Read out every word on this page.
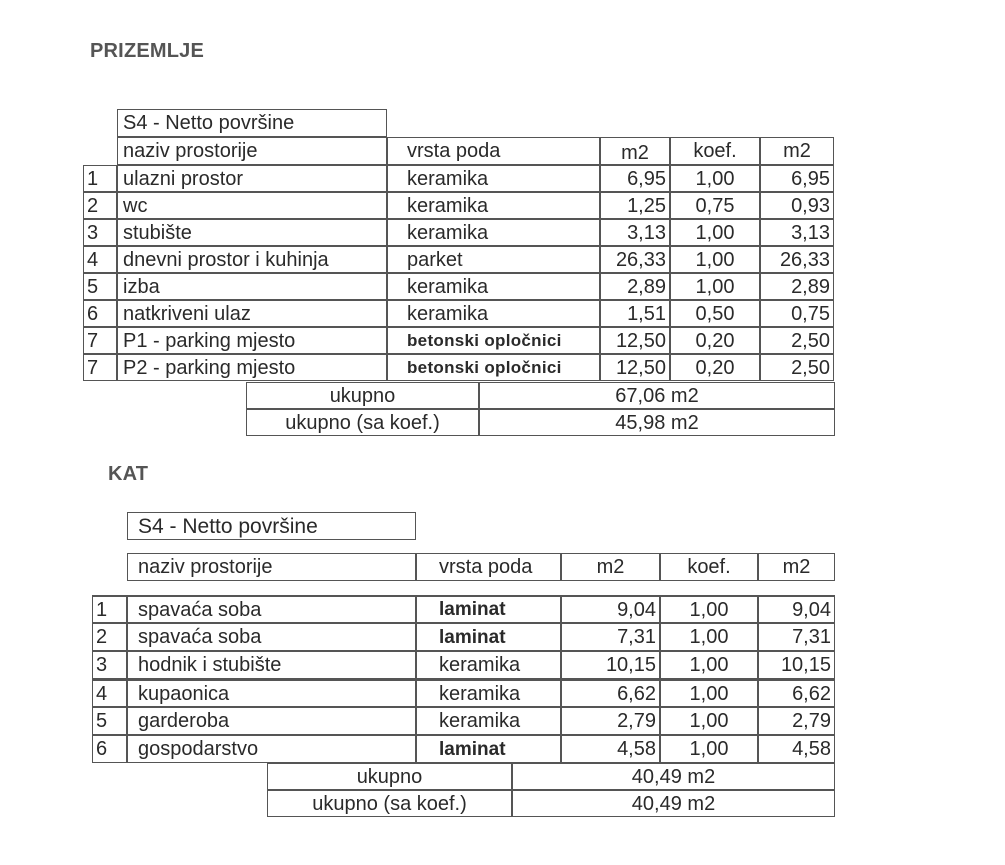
PRIZEMLJE
S4 - Netto površine
naziv prostorije	vrsta poda	m2	koef.	m2
1	ulazni prostor	keramika	6,95	1,00	6,95
2	wc	keramika	1,25	0,75	0,93
3	stubište	keramika	3,13	1,00	3,13
4	dnevni prostor i kuhinja	parket	26,33	1,00	26,33
5	izba	keramika	2,89	1,00	2,89
6	natkriveni ulaz	keramika	1,51	0,50	0,75
7	P1 - parking mjesto	betonski opločnici	12,50	0,20	2,50
7	P2 - parking mjesto	betonski opločnici	12,50	0,20	2,50
ukupno	67,06 m2
ukupno (sa koef.)	45,98 m2
KAT
S4 - Netto površine
naziv prostorije	vrsta poda	m2	koef.	m2
1	spavaća soba	laminat	9,04	1,00	9,04
2	spavaća soba	laminat	7,31	1,00	7,31
3	hodnik i stubište	keramika	10,15	1,00	10,15
4	kupaonica	keramika	6,62	1,00	6,62
5	garderoba	keramika	2,79	1,00	2,79
6	gospodarstvo	laminat	4,58	1,00	4,58
ukupno	40,49 m2
ukupno (sa koef.)	40,49 m2
